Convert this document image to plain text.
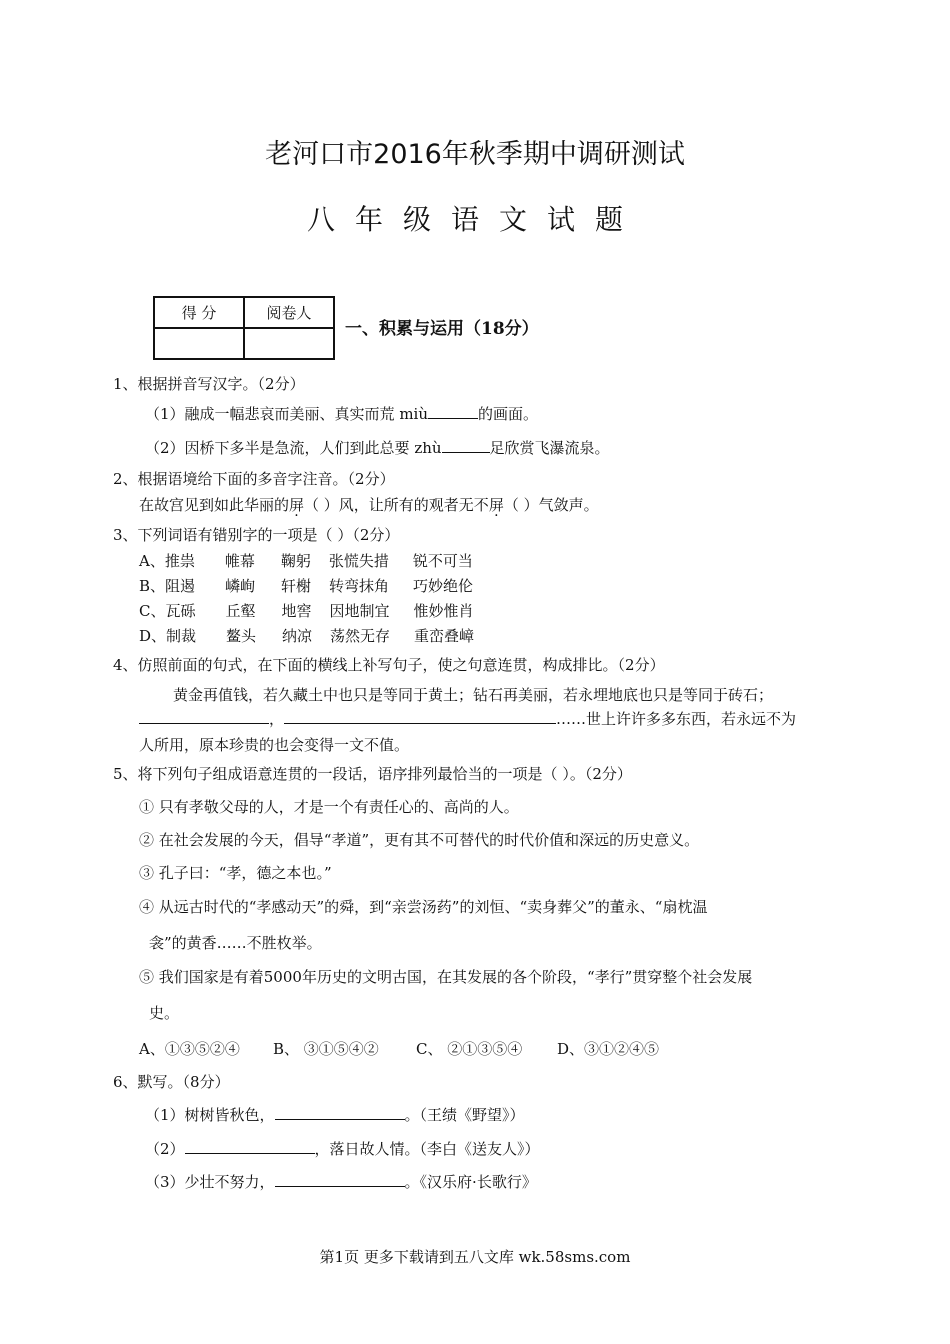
老河口市2016年秋季期中调研测试
八年级语文试题
得 分	阅卷人

一、积累与运用（18分）
1、根据拼音写汉字。（2分）
（1）融成一幅悲哀而美丽、真实而荒 miù	的画面。
（2）因桥下多半是急流，人们到此总要 zhù	足欣赏飞瀑流泉。
2、根据语境给下面的多音字注音。（2分）
在故宫见到如此华丽的屏（ ）风，让所有的观者无不屏（ ）气敛声。
3、下列词语有错别字的一项是（ ）（2分）
A、推祟 帷幕 鞠躬 张慌失措 锐不可当
B、阻遏 嶙峋 轩榭 转弯抹角 巧妙绝伦
C、瓦砾 丘壑 地窖 因地制宜 惟妙惟肖
D、制裁 鳌头 纳凉 荡然无存 重峦叠嶂
4、仿照前面的句式，在下面的横线上补写句子，使之句意连贯，构成排比。（2分）
黄金再值钱，若久藏土中也只是等同于黄土；钻石再美丽，若永埋地底也只是等同于砖石；
，	……世上许许多多东西，若永远不为
人所用，原本珍贵的也会变得一文不值。
5、将下列句子组成语意连贯的一段话，语序排列最恰当的一项是（ ）。（2分）
① 只有孝敬父母的人，才是一个有责任心的、高尚的人。
② 在社会发展的今天，倡导“孝道”，更有其不可替代的时代价值和深远的历史意义。
③ 孔子曰：“孝，德之本也。”
④ 从远古时代的“孝感动天”的舜，到“亲尝汤药”的刘恒、“卖身葬父”的董永、“扇枕温
衾”的黄香……不胜枚举。
⑤ 我们国家是有着5000年历史的文明古国，在其发展的各个阶段，“孝行”贯穿整个社会发展
史。
A、①③⑤②④ B、 ③①⑤④② C、 ②①③⑤④ D、③①②④⑤
6、默写。（8分）
（1）树树皆秋色，	。（王绩《野望》）
（2）	，落日故人情。（李白《送友人》）
（3）少壮不努力，	。《汉乐府·长歌行》
第1页 更多下载请到五八文库 wk.58sms.com
